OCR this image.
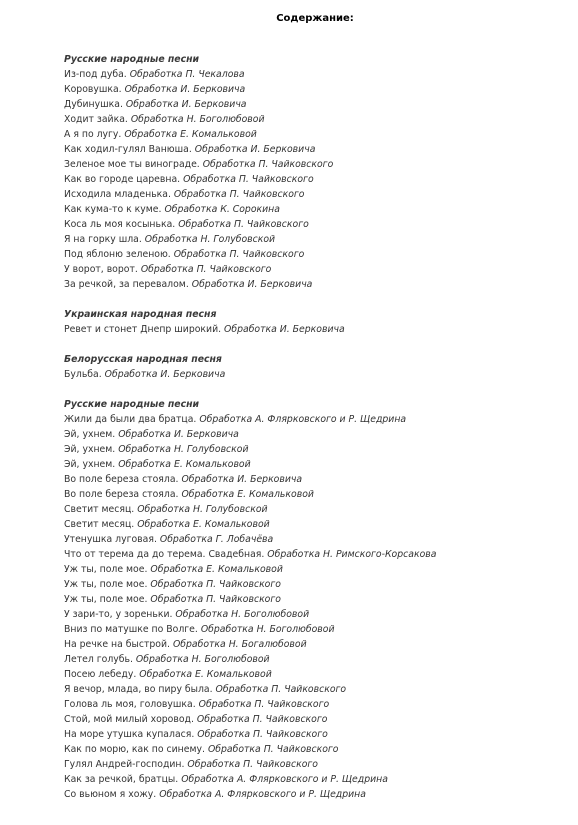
Содержание:
Русские народные песни
Из-под дуба. Обработка П. Чекалова
Коровушка. Обработка И. Берковича
Дубинушка. Обработка И. Берковича
Ходит зайка. Обработка Н. Боголюбовой
А я по лугу. Обработка Е. Комальковой
Как ходил-гулял Ванюша. Обработка И. Берковича
Зеленое мое ты винограде. Обработка П. Чайковского
Как во городе царевна. Обработка П. Чайковского
Исходила младенька. Обработка П. Чайковского
Как кума-то к куме. Обработка К. Сорокина
Коса ль моя косынька. Обработка П. Чайковского
Я на горку шла. Обработка Н. Голубовской
Под яблоню зеленою. Обработка П. Чайковского
У ворот, ворот. Обработка П. Чайковского
За речкой, за перевалом. Обработка И. Берковича
Украинская народная песня
Ревет и стонет Днепр широкий. Обработка И. Берковича
Белорусская народная песня
Бульба. Обработка И. Берковича
Русские народные песни
Жили да были два братца. Обработка А. Флярковского и Р. Щедрина
Эй, ухнем. Обработка И. Берковича
Эй, ухнем. Обработка Н. Голубовской
Эй, ухнем. Обработка Е. Комальковой
Во поле береза стояла. Обработка И. Берковича
Во поле береза стояла. Обработка Е. Комальковой
Светит месяц. Обработка Н. Голубовской
Светит месяц. Обработка Е. Комальковой
Утенушка луговая. Обработка Г. Лобачёва
Что от терема да до терема. Свадебная. Обработка Н. Римского-Корсакова
Уж ты, поле мое. Обработка Е. Комальковой
Уж ты, поле мое. Обработка П. Чайковского
Уж ты, поле мое. Обработка П. Чайковского
У зари-то, у зореньки. Обработка Н. Боголюбовой
Вниз по матушке по Волге. Обработка Н. Боголюбовой
На речке на быстрой. Обработка Н. Богалюбовой
Летел голубь. Обработка Н. Боголюбовой
Посею лебеду. Обработка Е. Комальковой
Я вечор, млада, во пиру была. Обработка П. Чайковского
Голова ль моя, головушка. Обработка П. Чайковского
Стой, мой милый хоровод. Обработка П. Чайковского
На море утушка купалася. Обработка П. Чайковского
Как по морю, как по синему. Обработка П. Чайковского
Гулял Андрей-господин. Обработка П. Чайковского
Как за речкой, братцы. Обработка А. Флярковского и Р. Щедрина
Со вьюном я хожу. Обработка А. Флярковского и Р. Щедрина
